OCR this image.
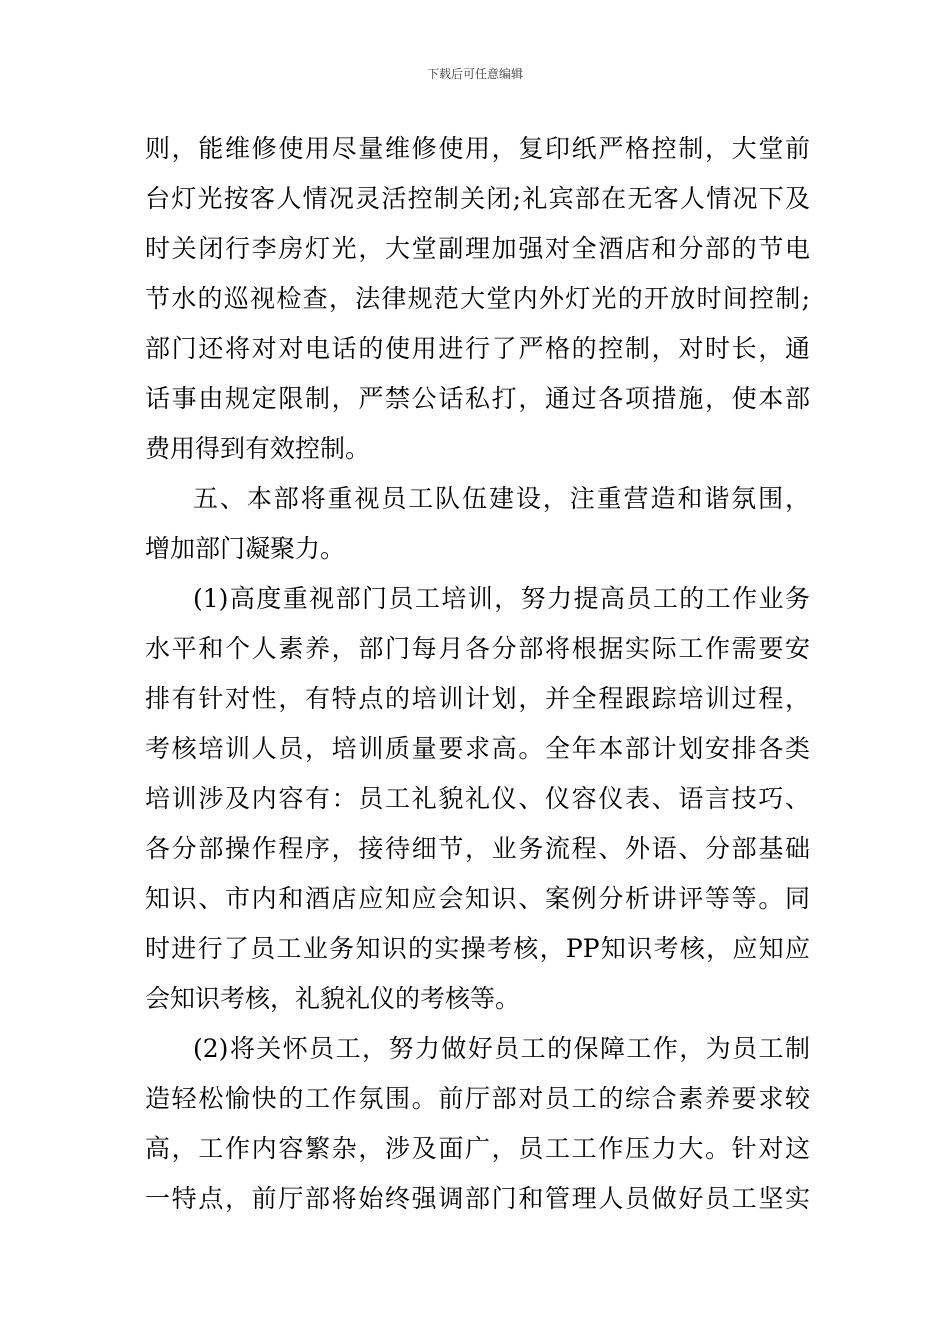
下载后可任意编辑
则，能维修使用尽量维修使用，复印纸严格控制，大堂前
台灯光按客人情况灵活控制关闭;礼宾部在无客人情况下及
时关闭行李房灯光，大堂副理加强对全酒店和分部的节电
节水的巡视检查，法律规范大堂内外灯光的开放时间控制;
部门还将对对电话的使用进行了严格的控制，对时长，通
话事由规定限制，严禁公话私打，通过各项措施，使本部
费用得到有效控制。
五、本部将重视员工队伍建设，注重营造和谐氛围，
增加部门凝聚力。
(1)高度重视部门员工培训，努力提高员工的工作业务
水平和个人素养，部门每月各分部将根据实际工作需要安
排有针对性，有特点的培训计划，并全程跟踪培训过程，
考核培训人员，培训质量要求高。全年本部计划安排各类
培训涉及内容有：员工礼貌礼仪、仪容仪表、语言技巧、
各分部操作程序，接待细节，业务流程、外语、分部基础
知识、市内和酒店应知应会知识、案例分析讲评等等。同
时进行了员工业务知识的实操考核，PP知识考核，应知应
会知识考核，礼貌礼仪的考核等。
(2)将关怀员工，努力做好员工的保障工作，为员工制
造轻松愉快的工作氛围。前厅部对员工的综合素养要求较
高，工作内容繁杂，涉及面广，员工工作压力大。针对这
一特点，前厅部将始终强调部门和管理人员做好员工坚实
